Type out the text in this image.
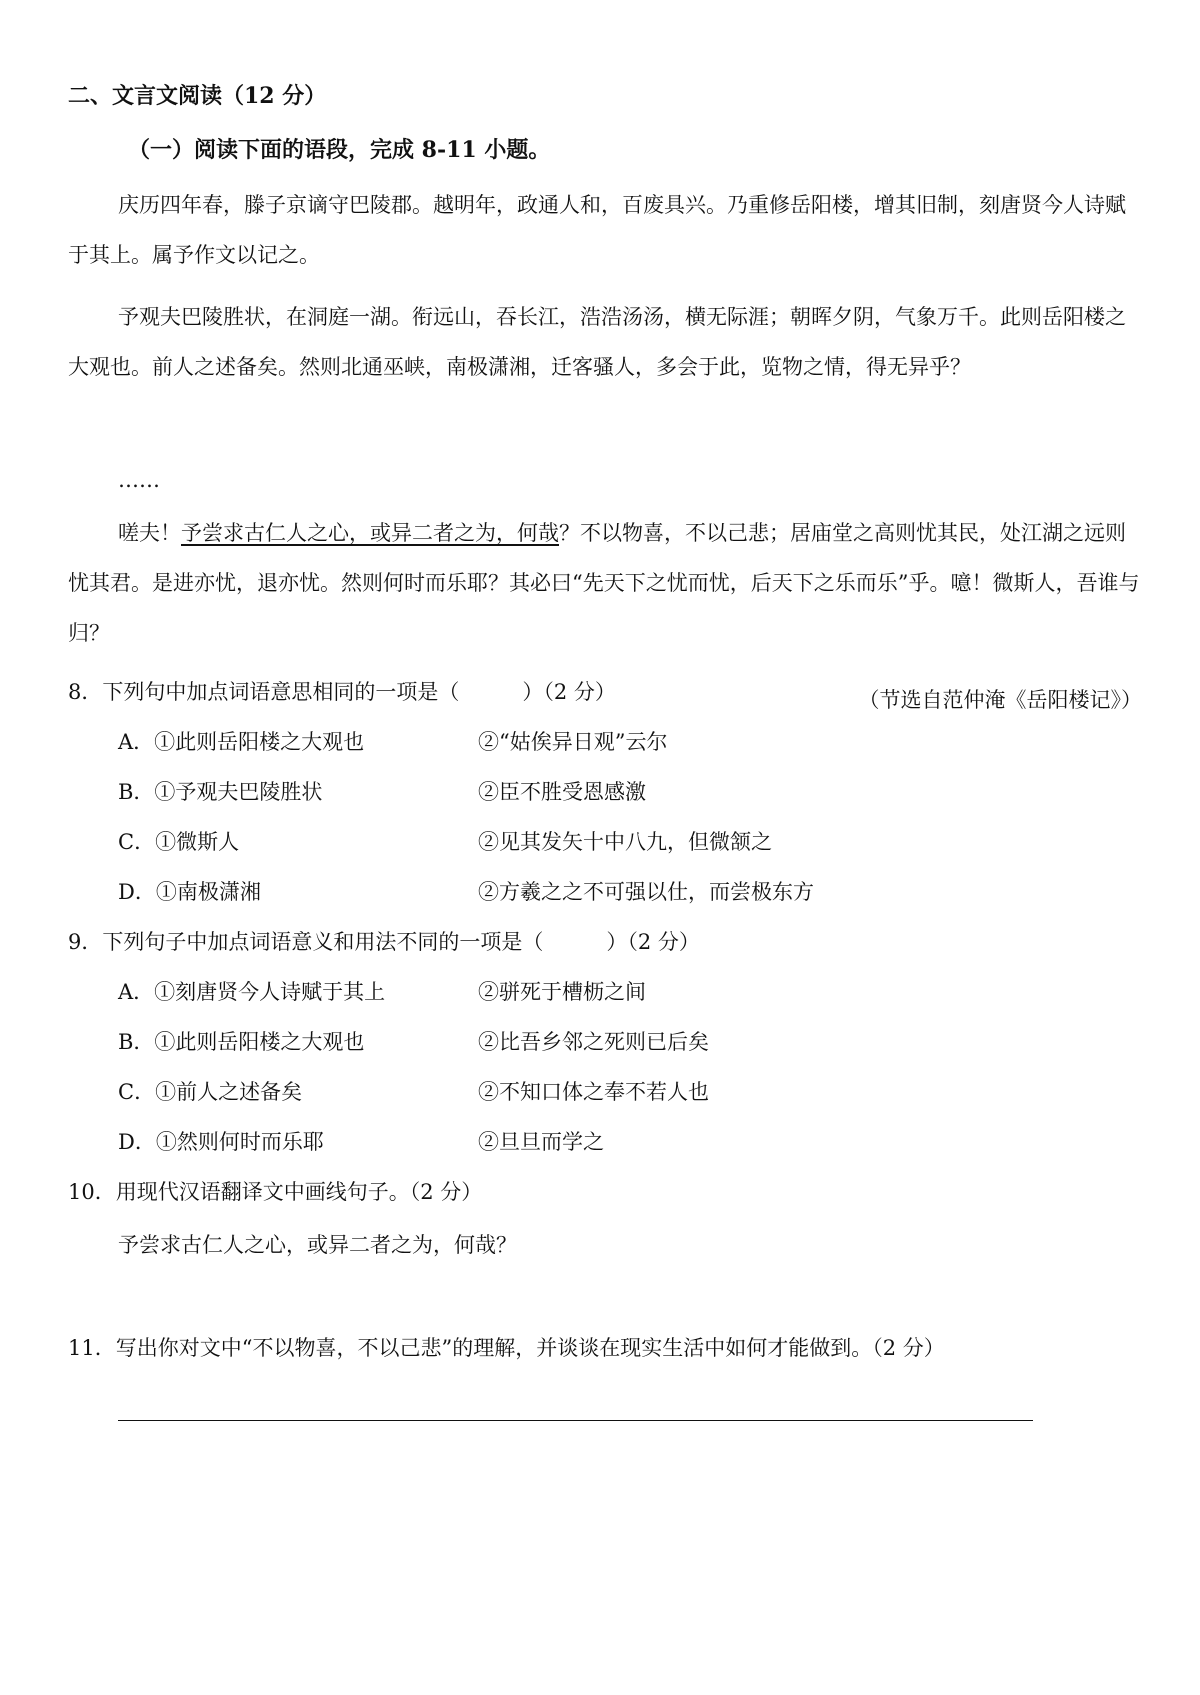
二、文言文阅读（12 分）
（一）阅读下面的语段，完成 8-11 小题。

庆历四年春，滕子京谪守巴陵郡。越明年，政通人和，百废具兴。乃重修岳阳楼，增其旧制，刻唐贤今人诗赋于其上。属予作文以记之。

予观夫巴陵胜状，在洞庭一湖。衔远山，吞长江，浩浩汤汤，横无际涯；朝晖夕阴，气象万千。此则岳阳楼之大观也。前人之述备矣。然则北通巫峡，南极潇湘，迁客骚人，多会于此，览物之情，得无异乎？

……

嗟夫！予尝求古仁人之心，或异二者之为，何哉？不以物喜，不以己悲；居庙堂之高则忧其民，处江湖之远则忧其君。是进亦忧，退亦忧。然则何时而乐耶？其必曰“先天下之忧而忧，后天下之乐而乐”乎。噫！微斯人，吾谁与归？

（节选自范仲淹《岳阳楼记》）
8．下列句中加点词语意思相同的一项是（　　　）（2 分）
A．①此则岳阳楼之大观也	②“姑俟异日观”云尔
B．①予观夫巴陵胜状	②臣不胜受恩感激
C．①微斯人	②见其发矢十中八九，但微颔之
D．①南极潇湘	②方羲之之不可强以仕，而尝极东方
9．下列句子中加点词语意义和用法不同的一项是（　　　）（2 分）
A．①刻唐贤今人诗赋于其上	②骈死于槽枥之间
B．①此则岳阳楼之大观也	②比吾乡邻之死则已后矣
C．①前人之述备矣	②不知口体之奉不若人也
D．①然则何时而乐耶	②旦旦而学之
10．用现代汉语翻译文中画线句子。（2 分）
予尝求古仁人之心，或异二者之为，何哉？
11．写出你对文中“不以物喜，不以己悲”的理解，并谈谈在现实生活中如何才能做到。（2 分）
